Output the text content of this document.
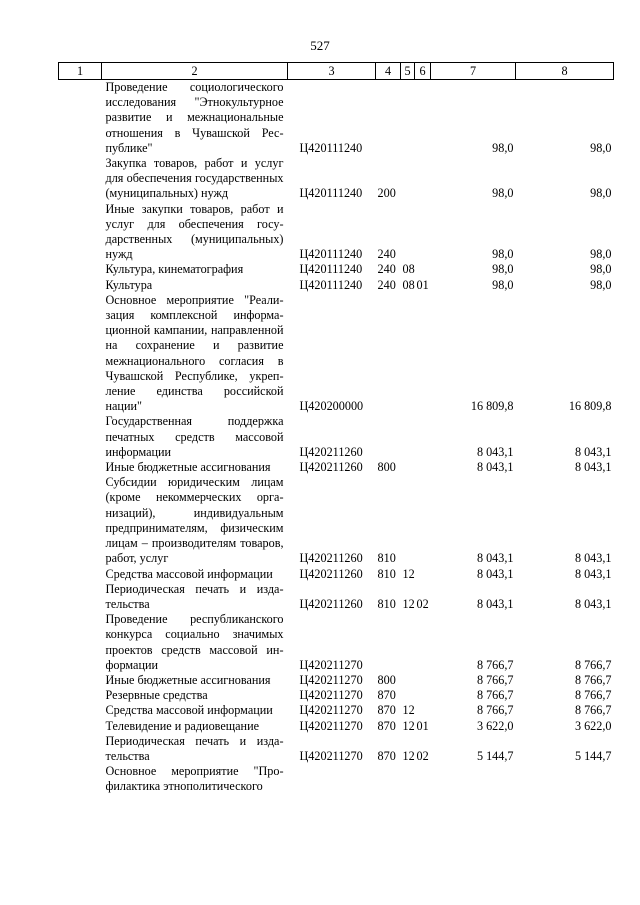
527
1	2	3	4	5	6	7	8
	Проведение социологического исследования "Этнокультурное развитие и межнациональные отношения в Чувашской Республике"	Ц420111240				98,0	98,0
	Закупка товаров, работ и услуг для обеспечения государственных (муниципальных) нужд	Ц420111240	200			98,0	98,0
	Иные закупки товаров, работ и услуг для обеспечения государственных (муниципальных) нужд	Ц420111240	240			98,0	98,0
	Культура, кинематография	Ц420111240	240	08		98,0	98,0
	Культура	Ц420111240	240	08	01	98,0	98,0
	Основное мероприятие "Реализация комплексной информационной кампании, направленной на сохранение и развитие межнационального согласия в Чувашской Республике, укрепление единства российской нации"	Ц420200000				16 809,8	16 809,8
	Государственная поддержка печатных средств массовой информации	Ц420211260				8 043,1	8 043,1
	Иные бюджетные ассигнования	Ц420211260	800			8 043,1	8 043,1
	Субсидии юридическим лицам (кроме некоммерческих организаций), индивидуальным предпринимателям, физическим лицам – производителям товаров, работ, услуг	Ц420211260	810			8 043,1	8 043,1
	Средства массовой информации	Ц420211260	810	12		8 043,1	8 043,1
	Периодическая печать и издательства	Ц420211260	810	12	02	8 043,1	8 043,1
	Проведение республиканского конкурса социально значимых проектов средств массовой информации	Ц420211270				8 766,7	8 766,7
	Иные бюджетные ассигнования	Ц420211270	800			8 766,7	8 766,7
	Резервные средства	Ц420211270	870			8 766,7	8 766,7
	Средства массовой информации	Ц420211270	870	12		8 766,7	8 766,7
	Телевидение и радиовещание	Ц420211270	870	12	01	3 622,0	3 622,0
	Периодическая печать и издательства	Ц420211270	870	12	02	5 144,7	5 144,7
	Основное мероприятие "Профилактика этнополитического						
